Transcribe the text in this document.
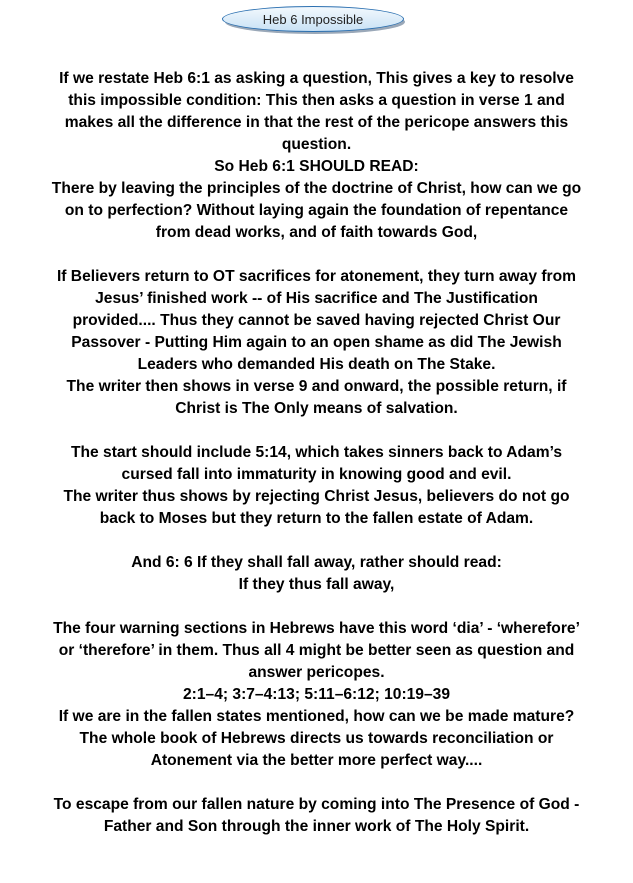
Heb 6 Impossible

If we restate Heb 6:1 as asking a question, This gives a key to resolve

this impossible condition: This then asks a question in verse 1 and

makes all the difference in that the rest of the pericope answers this

question.

So Heb 6:1 SHOULD READ:

There by leaving the principles of the doctrine of Christ, how can we go

on to perfection? Without laying again the foundation of repentance

from dead works, and of faith towards God,

If Believers return to OT sacrifices for atonement, they turn away from

Jesus’ finished work -- of His sacrifice and The Justification

provided.... Thus they cannot be saved having rejected Christ Our

Passover - Putting Him again to an open shame as did The Jewish

Leaders who demanded His death on The Stake.

The writer then shows in verse 9 and onward, the possible return, if

Christ is The Only means of salvation.

The start should include 5:14, which takes sinners back to Adam’s

cursed fall into immaturity in knowing good and evil.

The writer thus shows by rejecting Christ Jesus, believers do not go

back to Moses but they return to the fallen estate of Adam.

And 6: 6 If they shall fall away, rather should read:

If they thus fall away,

The four warning sections in Hebrews have this word ‘dia’ - ‘wherefore’

or ‘therefore’ in them. Thus all 4 might be better seen as question and

answer pericopes.

2:1–4; 3:7–4:13; 5:11–6:12; 10:19–39

If we are in the fallen states mentioned, how can we be made mature?

The whole book of Hebrews directs us towards reconciliation or

Atonement via the better more perfect way....

To escape from our fallen nature by coming into The Presence of God -

Father and Son through the inner work of The Holy Spirit.
